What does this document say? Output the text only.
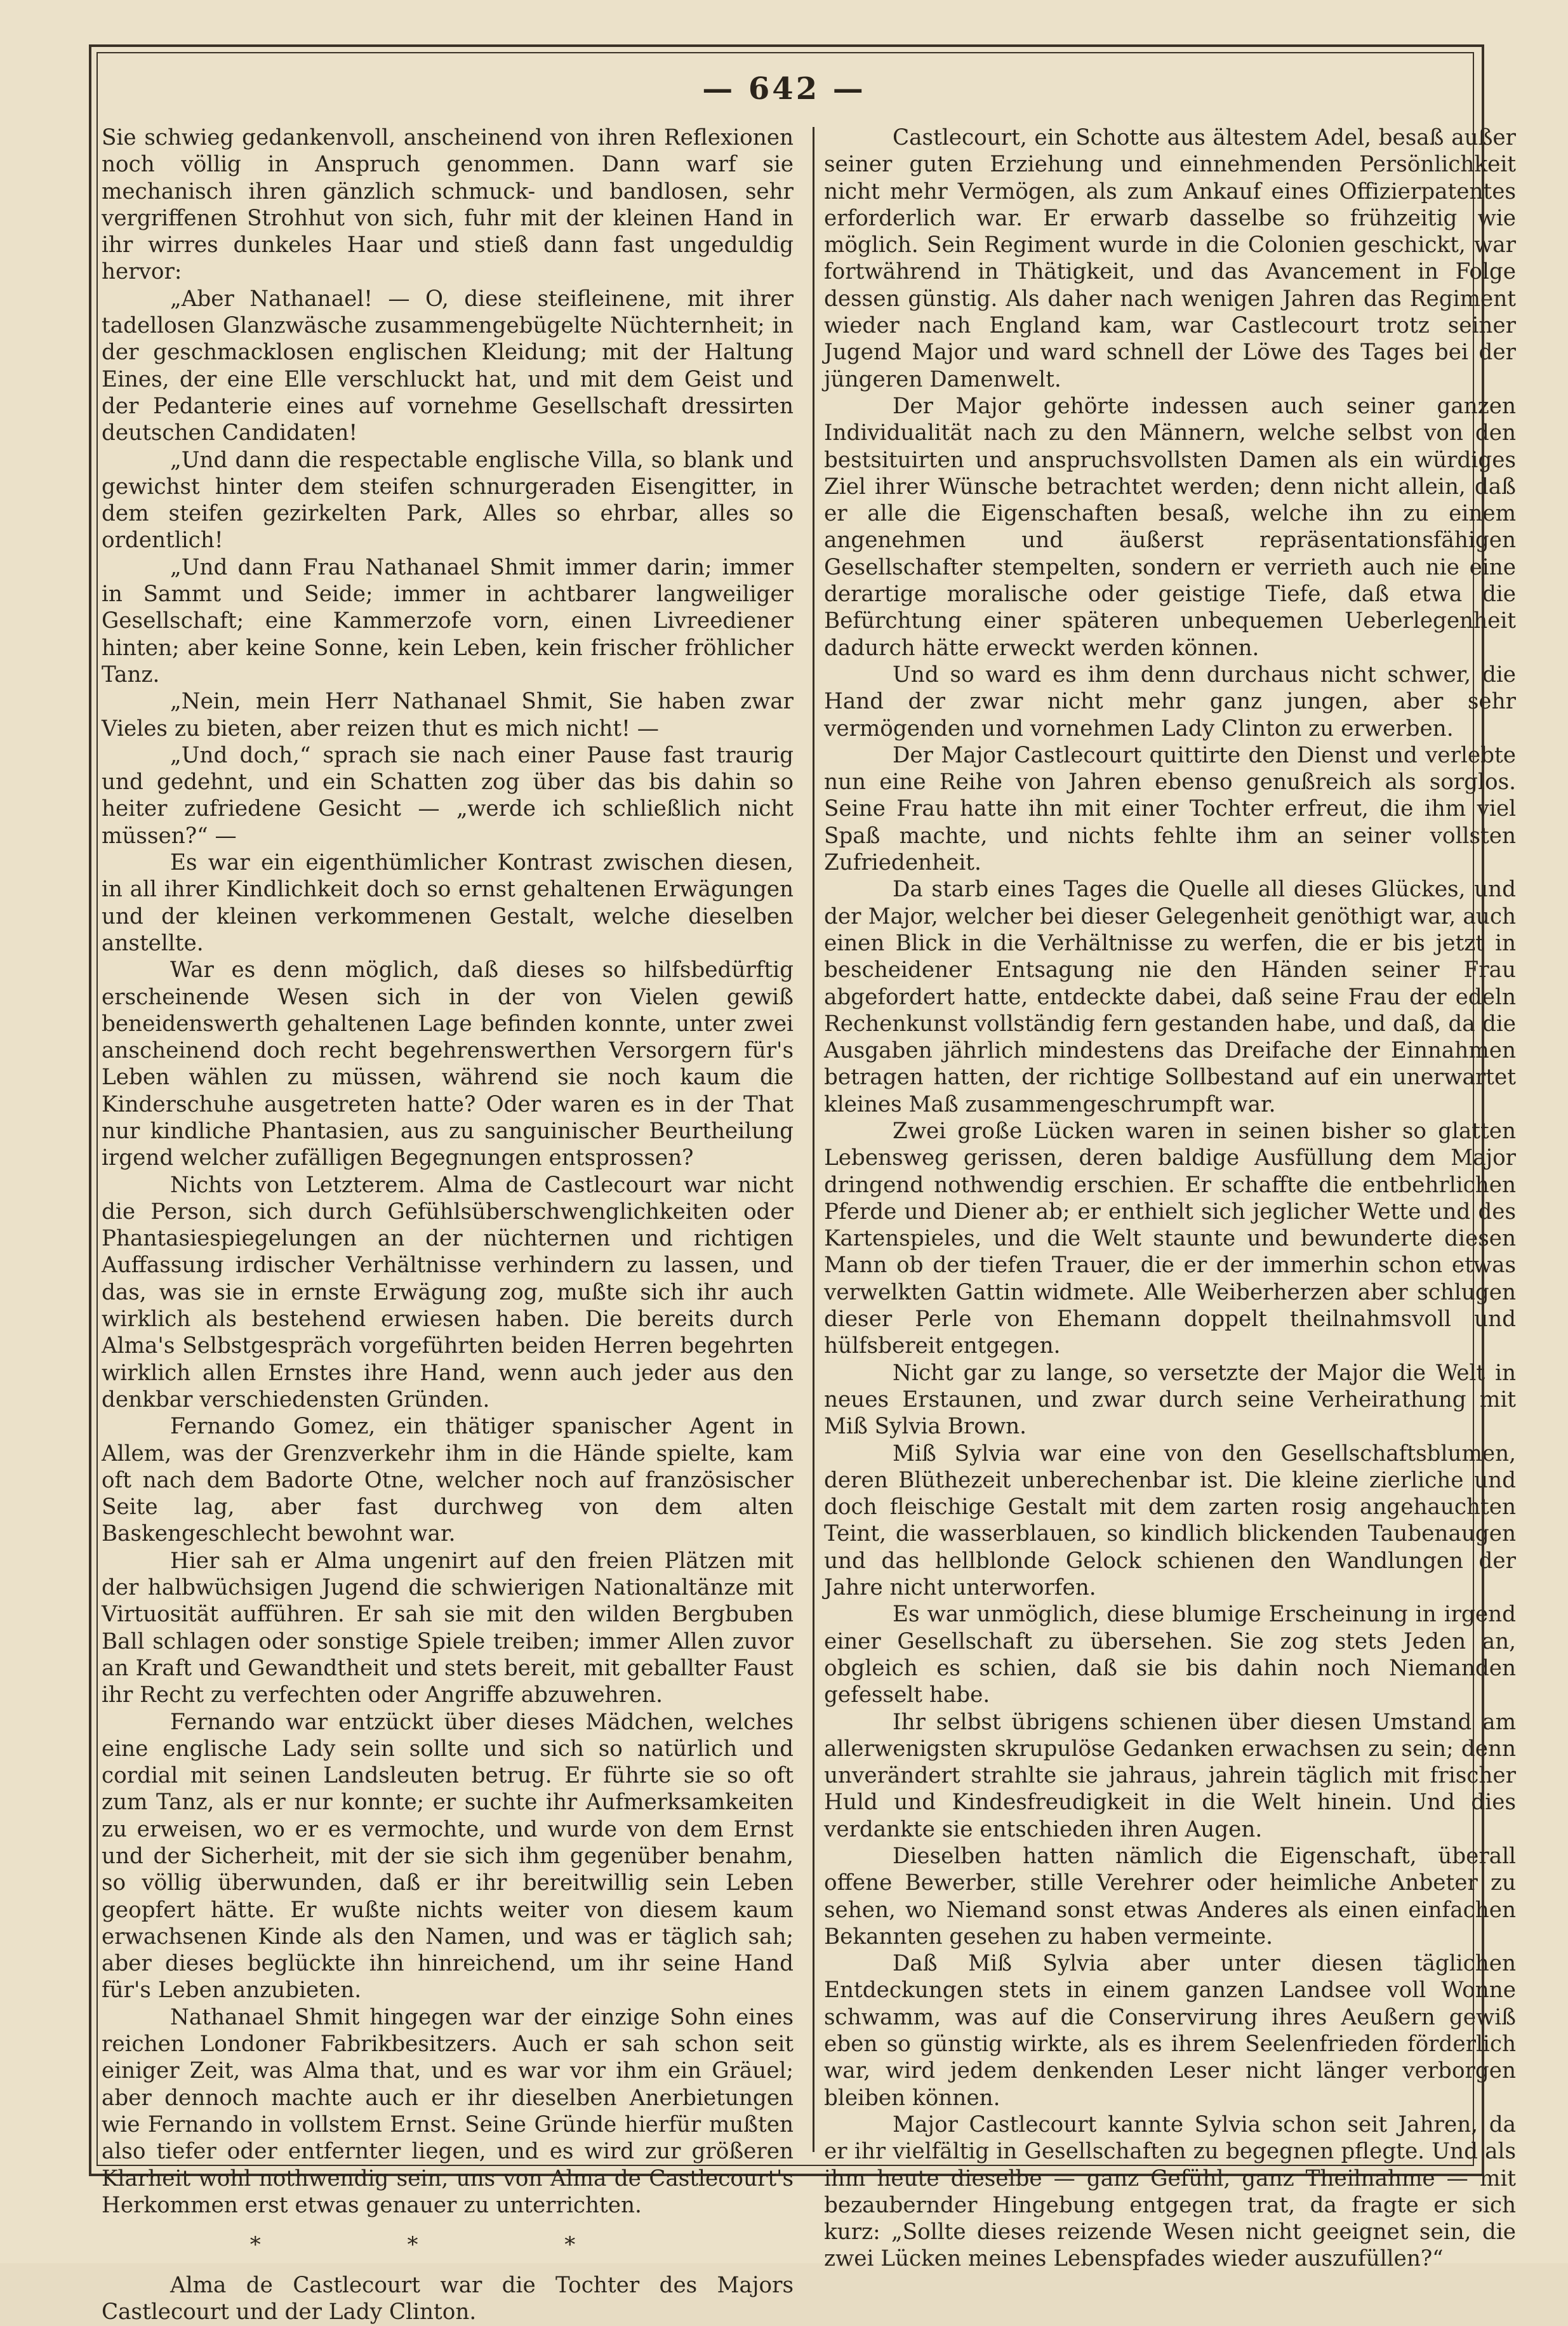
— 642 —

Sie schwieg gedankenvoll, anscheinend von ihren Reflexionen noch völlig in Anspruch genommen. Dann warf sie mechanisch ihren gänzlich schmuck- und bandlosen, sehr vergriffenen Strohhut von sich, fuhr mit der kleinen Hand in ihr wirres dunkeles Haar und stieß dann fast ungeduldig hervor:

„Aber Nathanael! — O, diese steifleinene, mit ihrer tadellosen Glanzwäsche zusammengebügelte Nüchternheit; in der geschmacklosen englischen Kleidung; mit der Haltung Eines, der eine Elle verschluckt hat, und mit dem Geist und der Pedanterie eines auf vornehme Gesellschaft dressirten deutschen Candidaten!

„Und dann die respectable englische Villa, so blank und gewichst hinter dem steifen schnurgeraden Eisengitter, in dem steifen gezirkelten Park, Alles so ehrbar, alles so ordentlich!

„Und dann Frau Nathanael Shmit immer darin; immer in Sammt und Seide; immer in achtbarer langweiliger Gesellschaft; eine Kammerzofe vorn, einen Livreediener hinten; aber keine Sonne, kein Leben, kein frischer fröhlicher Tanz.

„Nein, mein Herr Nathanael Shmit, Sie haben zwar Vieles zu bieten, aber reizen thut es mich nicht! —

„Und doch,“ sprach sie nach einer Pause fast traurig und gedehnt, und ein Schatten zog über das bis dahin so heiter zufriedene Gesicht — „werde ich schließlich nicht müssen?“ —

Es war ein eigenthümlicher Kontrast zwischen diesen, in all ihrer Kindlichkeit doch so ernst gehaltenen Erwägungen und der kleinen verkommenen Gestalt, welche dieselben anstellte.

War es denn möglich, daß dieses so hilfsbedürftig erscheinende Wesen sich in der von Vielen gewiß beneidenswerth gehaltenen Lage befinden konnte, unter zwei anscheinend doch recht begehrenswerthen Versorgern für's Leben wählen zu müssen, während sie noch kaum die Kinderschuhe ausgetreten hatte? Oder waren es in der That nur kindliche Phantasien, aus zu sanguinischer Beurtheilung irgend welcher zufälligen Begegnungen entsprossen?

Nichts von Letzterem. Alma de Castlecourt war nicht die Person, sich durch Gefühlsüberschwenglichkeiten oder Phantasiespiegelungen an der nüchternen und richtigen Auffassung irdischer Verhältnisse verhindern zu lassen, und das, was sie in ernste Erwägung zog, mußte sich ihr auch wirklich als bestehend erwiesen haben. Die bereits durch Alma's Selbstgespräch vorgeführten beiden Herren begehrten wirklich allen Ernstes ihre Hand, wenn auch jeder aus den denkbar verschiedensten Gründen.

Fernando Gomez, ein thätiger spanischer Agent in Allem, was der Grenzverkehr ihm in die Hände spielte, kam oft nach dem Badorte Otne, welcher noch auf französischer Seite lag, aber fast durchweg von dem alten Baskengeschlecht bewohnt war.

Hier sah er Alma ungenirt auf den freien Plätzen mit der halbwüchsigen Jugend die schwierigen Nationaltänze mit Virtuosität aufführen. Er sah sie mit den wilden Bergbuben Ball schlagen oder sonstige Spiele treiben; immer Allen zuvor an Kraft und Gewandtheit und stets bereit, mit geballter Faust ihr Recht zu verfechten oder Angriffe abzuwehren.

Fernando war entzückt über dieses Mädchen, welches eine englische Lady sein sollte und sich so natürlich und cordial mit seinen Landsleuten betrug. Er führte sie so oft zum Tanz, als er nur konnte; er suchte ihr Aufmerksamkeiten zu erweisen, wo er es vermochte, und wurde von dem Ernst und der Sicherheit, mit der sie sich ihm gegenüber benahm, so völlig überwunden, daß er ihr bereitwillig sein Leben geopfert hätte. Er wußte nichts weiter von diesem kaum erwachsenen Kinde als den Namen, und was er täglich sah; aber dieses beglückte ihn hinreichend, um ihr seine Hand für's Leben anzubieten.

Nathanael Shmit hingegen war der einzige Sohn eines reichen Londoner Fabrikbesitzers. Auch er sah schon seit einiger Zeit, was Alma that, und es war vor ihm ein Gräuel; aber dennoch machte auch er ihr dieselben Anerbietungen wie Fernando in vollstem Ernst. Seine Gründe hierfür mußten also tiefer oder entfernter liegen, und es wird zur größeren Klarheit wohl nothwendig sein, uns von Alma de Castlecourt's Herkommen erst etwas genauer zu unterrichten.

* * *

Alma de Castlecourt war die Tochter des Majors Castlecourt und der Lady Clinton.

Castlecourt, ein Schotte aus ältestem Adel, besaß außer seiner guten Erziehung und einnehmenden Persönlichkeit nicht mehr Vermögen, als zum Ankauf eines Offizierpatentes erforderlich war. Er erwarb dasselbe so frühzeitig wie möglich. Sein Regiment wurde in die Colonien geschickt, war fortwährend in Thätigkeit, und das Avancement in Folge dessen günstig. Als daher nach wenigen Jahren das Regiment wieder nach England kam, war Castlecourt trotz seiner Jugend Major und ward schnell der Löwe des Tages bei der jüngeren Damenwelt.

Der Major gehörte indessen auch seiner ganzen Individualität nach zu den Männern, welche selbst von den bestsituirten und anspruchsvollsten Damen als ein würdiges Ziel ihrer Wünsche betrachtet werden; denn nicht allein, daß er alle die Eigenschaften besaß, welche ihn zu einem angenehmen und äußerst repräsentationsfähigen Gesellschafter stempelten, sondern er verrieth auch nie eine derartige moralische oder geistige Tiefe, daß etwa die Befürchtung einer späteren unbequemen Ueberlegenheit dadurch hätte erweckt werden können.

Und so ward es ihm denn durchaus nicht schwer, die Hand der zwar nicht mehr ganz jungen, aber sehr vermögenden und vornehmen Lady Clinton zu erwerben.

Der Major Castlecourt quittirte den Dienst und verlebte nun eine Reihe von Jahren ebenso genußreich als sorglos. Seine Frau hatte ihn mit einer Tochter erfreut, die ihm viel Spaß machte, und nichts fehlte ihm an seiner vollsten Zufriedenheit.

Da starb eines Tages die Quelle all dieses Glückes, und der Major, welcher bei dieser Gelegenheit genöthigt war, auch einen Blick in die Verhältnisse zu werfen, die er bis jetzt in bescheidener Entsagung nie den Händen seiner Frau abgefordert hatte, entdeckte dabei, daß seine Frau der edeln Rechenkunst vollständig fern gestanden habe, und daß, da die Ausgaben jährlich mindestens das Dreifache der Einnahmen betragen hatten, der richtige Sollbestand auf ein unerwartet kleines Maß zusammengeschrumpft war.

Zwei große Lücken waren in seinen bisher so glatten Lebensweg gerissen, deren baldige Ausfüllung dem Major dringend nothwendig erschien. Er schaffte die entbehrlichen Pferde und Diener ab; er enthielt sich jeglicher Wette und des Kartenspieles, und die Welt staunte und bewunderte diesen Mann ob der tiefen Trauer, die er der immerhin schon etwas verwelkten Gattin widmete. Alle Weiberherzen aber schlugen dieser Perle von Ehemann doppelt theilnahmsvoll und hülfsbereit entgegen.

Nicht gar zu lange, so versetzte der Major die Welt in neues Erstaunen, und zwar durch seine Verheirathung mit Miß Sylvia Brown.

Miß Sylvia war eine von den Gesellschaftsblumen, deren Blüthezeit unberechenbar ist. Die kleine zierliche und doch fleischige Gestalt mit dem zarten rosig angehauchten Teint, die wasserblauen, so kindlich blickenden Taubenaugen und das hellblonde Gelock schienen den Wandlungen der Jahre nicht unterworfen.

Es war unmöglich, diese blumige Erscheinung in irgend einer Gesellschaft zu übersehen. Sie zog stets Jeden an, obgleich es schien, daß sie bis dahin noch Niemanden gefesselt habe.

Ihr selbst übrigens schienen über diesen Umstand am allerwenigsten skrupulöse Gedanken erwachsen zu sein; denn unverändert strahlte sie jahraus, jahrein täglich mit frischer Huld und Kindesfreudigkeit in die Welt hinein. Und dies verdankte sie entschieden ihren Augen.

Dieselben hatten nämlich die Eigenschaft, überall offene Bewerber, stille Verehrer oder heimliche Anbeter zu sehen, wo Niemand sonst etwas Anderes als einen einfachen Bekannten gesehen zu haben vermeinte.

Daß Miß Sylvia aber unter diesen täglichen Entdeckungen stets in einem ganzen Landsee voll Wonne schwamm, was auf die Conservirung ihres Aeußern gewiß eben so günstig wirkte, als es ihrem Seelenfrieden förderlich war, wird jedem denkenden Leser nicht länger verborgen bleiben können.

Major Castlecourt kannte Sylvia schon seit Jahren, da er ihr vielfältig in Gesellschaften zu begegnen pflegte. Und als ihm heute dieselbe — ganz Gefühl, ganz Theilnahme — mit bezaubernder Hingebung entgegen trat, da fragte er sich kurz: „Sollte dieses reizende Wesen nicht geeignet sein, die zwei Lücken meines Lebenspfades wieder auszufüllen?“
